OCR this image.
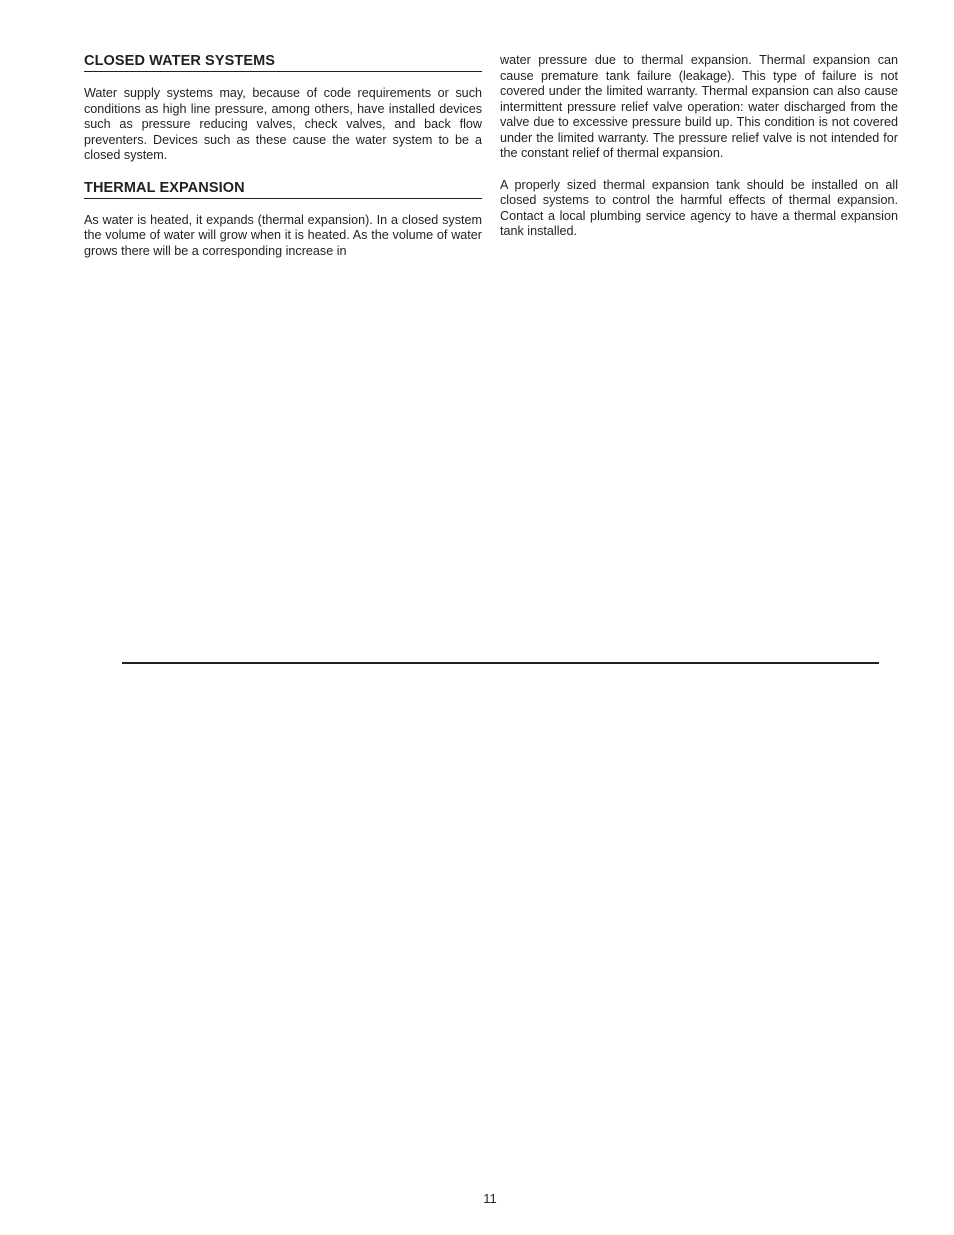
CLOSED WATER SYSTEMS

Water supply systems may, because of code requirements or such conditions as high line pressure, among others, have installed devices such as pressure reducing valves, check valves, and back flow preventers. Devices such as these cause the water system to be a closed system.

THERMAL EXPANSION

As water is heated, it expands (thermal expansion). In a closed system the volume of water will grow when it is heated. As the volume of water grows there will be a corresponding increase in

water pressure due to thermal expansion. Thermal expansion can cause premature tank failure (leakage). This type of failure is not covered under the limited warranty. Thermal expansion can also cause intermittent pressure relief valve operation: water discharged from the valve due to excessive pressure build up. This condition is not covered under the limited warranty. The pressure relief valve is not intended for the constant relief of thermal expansion.

A properly sized thermal expansion tank should be installed on all closed systems to control the harmful effects of thermal expansion. Contact a local plumbing service agency to have a thermal expansion tank installed.

11
